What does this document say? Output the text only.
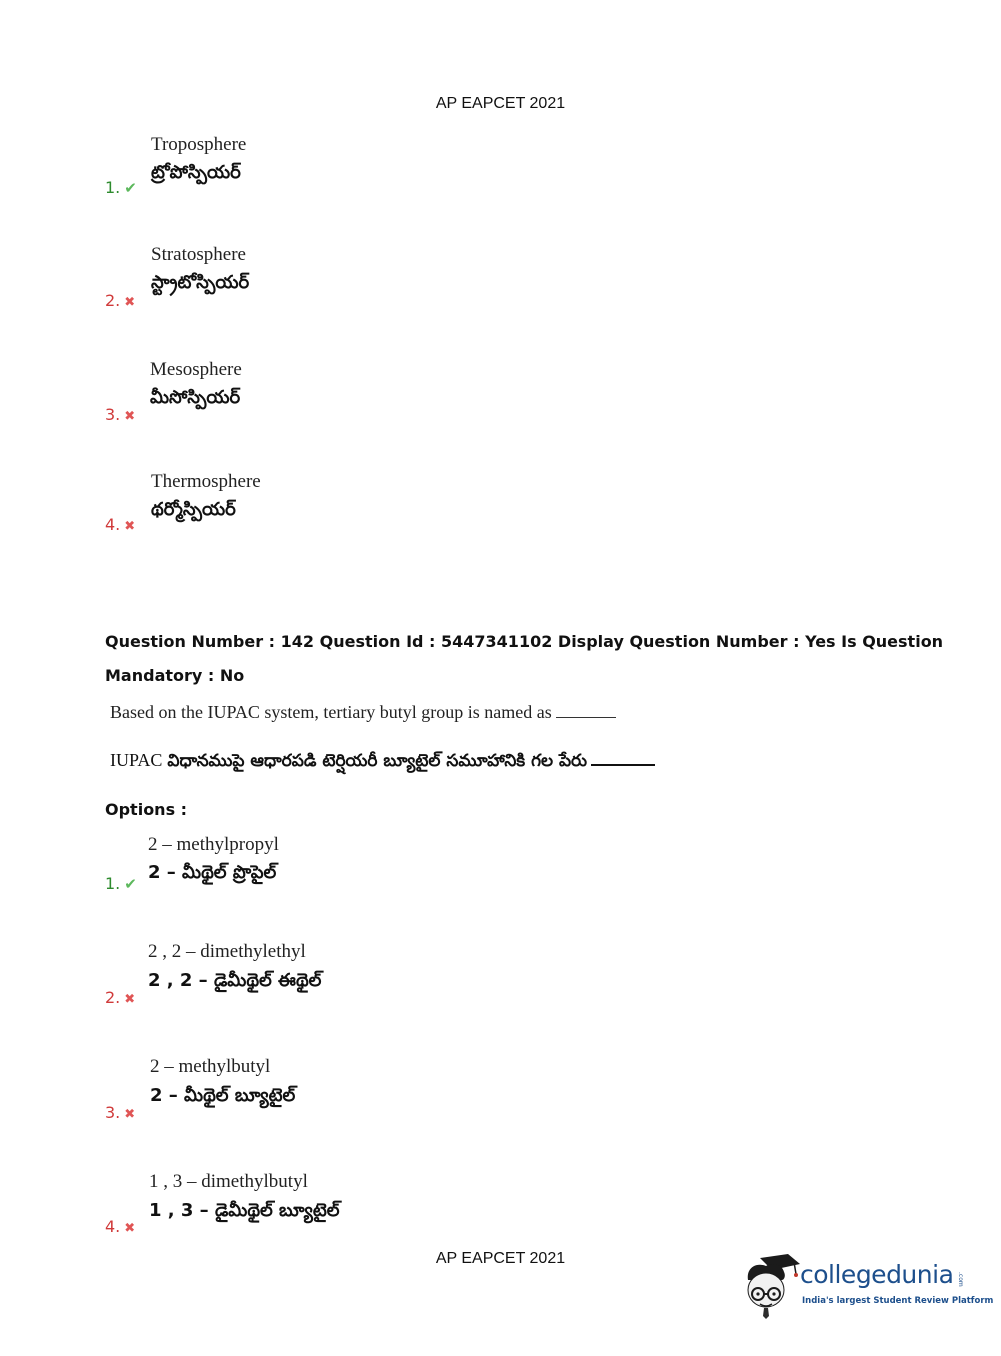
AP EAPCET 2021
1. ✔
Troposphere
ట్రోపోస్పియర్
2. ✖
Stratosphere
స్ట్రాటోస్పియర్
3. ✖
Mesosphere
మీసోస్పియర్
4. ✖
Thermosphere
థర్మోస్పియర్
Question Number : 142 Question Id : 5447341102 Display Question Number : Yes Is Question
Mandatory : No
Based on the IUPAC system, tertiary butyl group is named as
IUPAC విధానముపై ఆధారపడి టెర్షియరీ బ్యూటైల్ సమూహానికి గల పేరు
Options :
1. ✔
2 – methylpropyl
2 – మీథైల్ ప్రొపైల్
2. ✖
2 , 2 – dimethylethyl
2 , 2 – డైమీథైల్ ఈథైల్
3. ✖
2 – methylbutyl
2 – మీథైల్ బ్యూటైల్
4. ✖
1 , 3 – dimethylbutyl
1 , 3 – డైమీథైల్ బ్యూటైల్
AP EAPCET 2021
collegedunia .com
India's largest Student Review Platform
